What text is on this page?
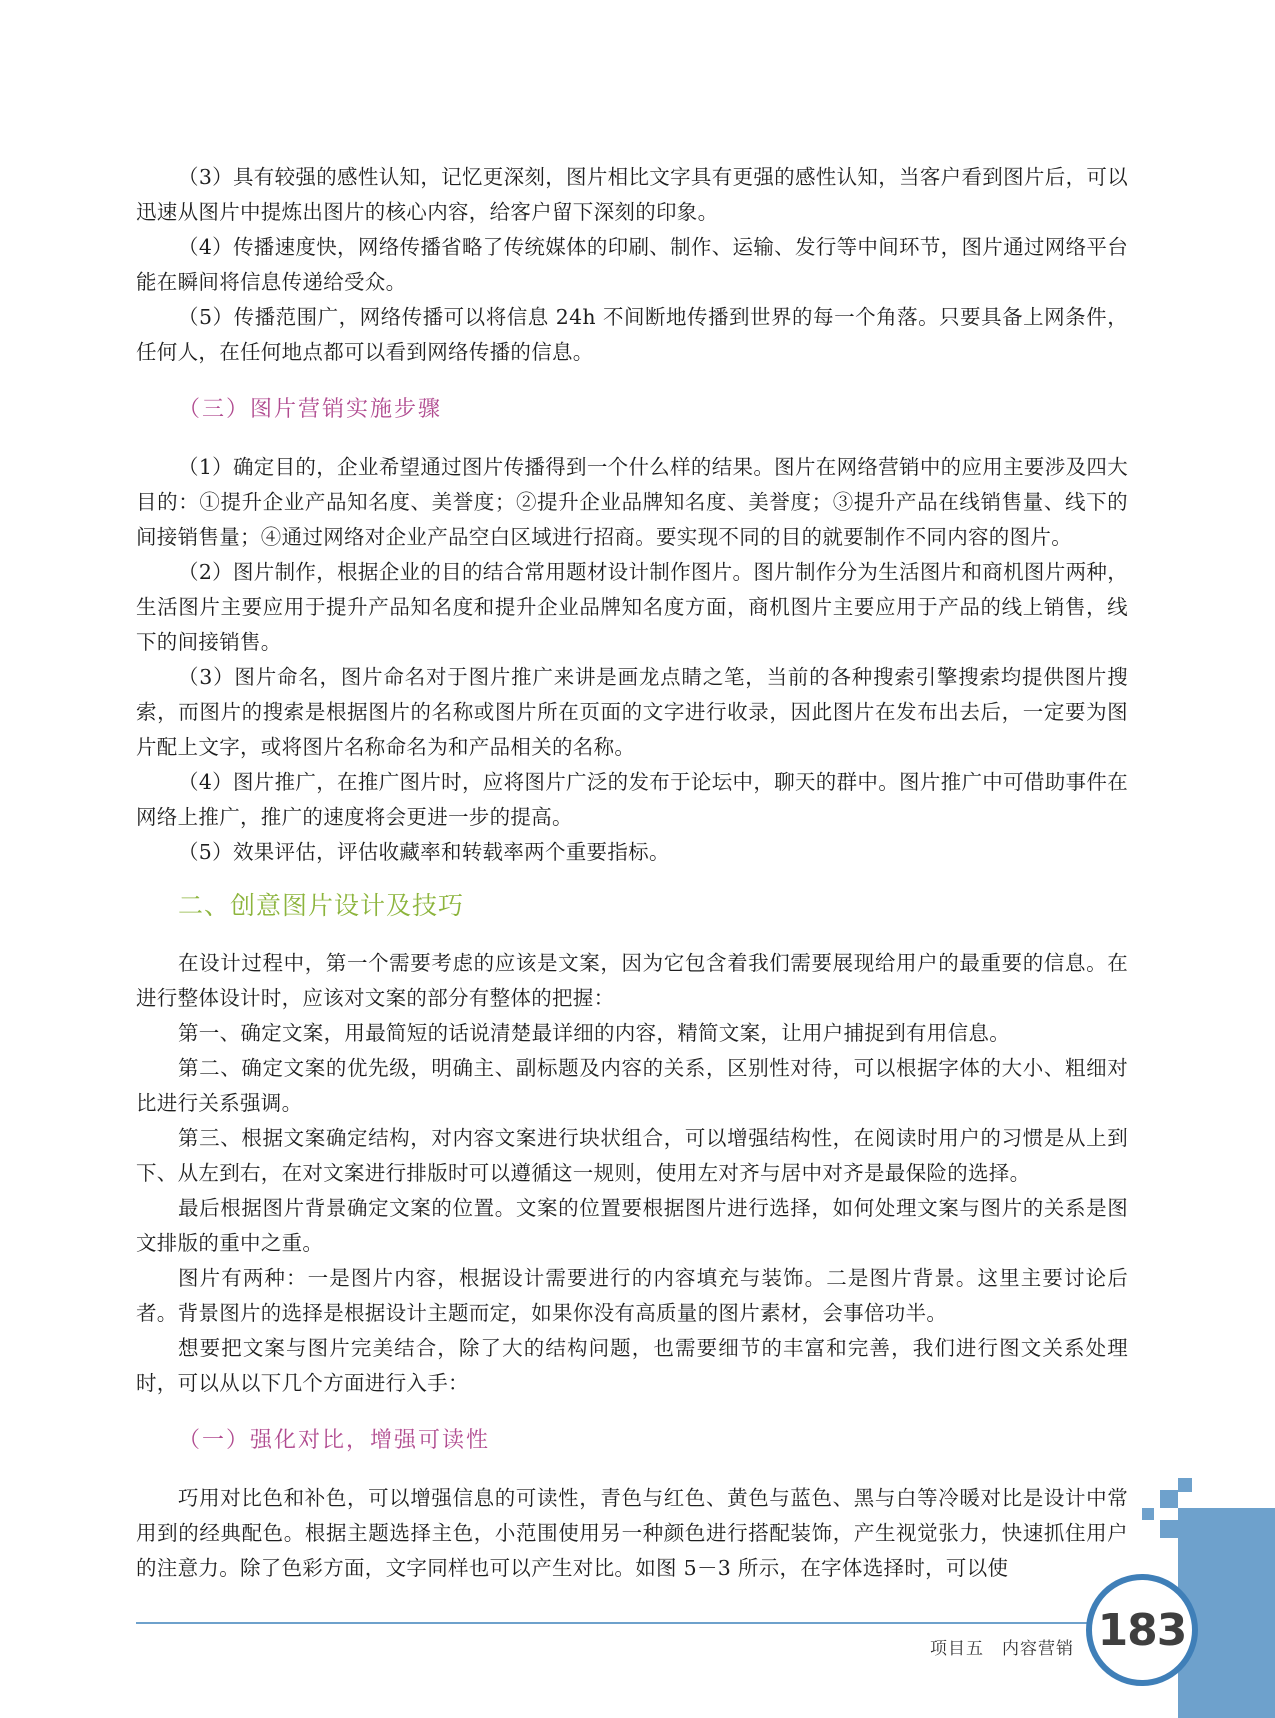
（3）具有较强的感性认知，记忆更深刻，图片相比文字具有更强的感性认知，当客户看到图片后，可以迅速从图片中提炼出图片的核心内容，给客户留下深刻的印象。

（4）传播速度快，网络传播省略了传统媒体的印刷、制作、运输、发行等中间环节，图片通过网络平台能在瞬间将信息传递给受众。

（5）传播范围广，网络传播可以将信息 24h 不间断地传播到世界的每一个角落。只要具备上网条件，任何人，在任何地点都可以看到网络传播的信息。

（三）图片营销实施步骤

（1）确定目的，企业希望通过图片传播得到一个什么样的结果。图片在网络营销中的应用主要涉及四大目的：①提升企业产品知名度、美誉度；②提升企业品牌知名度、美誉度；③提升产品在线销售量、线下的间接销售量；④通过网络对企业产品空白区域进行招商。要实现不同的目的就要制作不同内容的图片。

（2）图片制作，根据企业的目的结合常用题材设计制作图片。图片制作分为生活图片和商机图片两种，生活图片主要应用于提升产品知名度和提升企业品牌知名度方面，商机图片主要应用于产品的线上销售，线下的间接销售。

（3）图片命名，图片命名对于图片推广来讲是画龙点睛之笔，当前的各种搜索引擎搜索均提供图片搜索，而图片的搜索是根据图片的名称或图片所在页面的文字进行收录，因此图片在发布出去后，一定要为图片配上文字，或将图片名称命名为和产品相关的名称。

（4）图片推广，在推广图片时，应将图片广泛的发布于论坛中，聊天的群中。图片推广中可借助事件在网络上推广，推广的速度将会更进一步的提高。

（5）效果评估，评估收藏率和转载率两个重要指标。

二、创意图片设计及技巧

在设计过程中，第一个需要考虑的应该是文案，因为它包含着我们需要展现给用户的最重要的信息。在进行整体设计时，应该对文案的部分有整体的把握：

第一、确定文案，用最简短的话说清楚最详细的内容，精简文案，让用户捕捉到有用信息。

第二、确定文案的优先级，明确主、副标题及内容的关系，区别性对待，可以根据字体的大小、粗细对比进行关系强调。

第三、根据文案确定结构，对内容文案进行块状组合，可以增强结构性，在阅读时用户的习惯是从上到下、从左到右，在对文案进行排版时可以遵循这一规则，使用左对齐与居中对齐是最保险的选择。

最后根据图片背景确定文案的位置。文案的位置要根据图片进行选择，如何处理文案与图片的关系是图文排版的重中之重。

图片有两种：一是图片内容，根据设计需要进行的内容填充与装饰。二是图片背景。这里主要讨论后者。背景图片的选择是根据设计主题而定，如果你没有高质量的图片素材，会事倍功半。

想要把文案与图片完美结合，除了大的结构问题，也需要细节的丰富和完善，我们进行图文关系处理时，可以从以下几个方面进行入手：

（一）强化对比，增强可读性

巧用对比色和补色，可以增强信息的可读性，青色与红色、黄色与蓝色、黑与白等冷暖对比是设计中常用到的经典配色。根据主题选择主色，小范围使用另一种颜色进行搭配装饰，产生视觉张力，快速抓住用户的注意力。除了色彩方面，文字同样也可以产生对比。如图 5－3 所示，在字体选择时，可以使

项目五 内容营销 183
